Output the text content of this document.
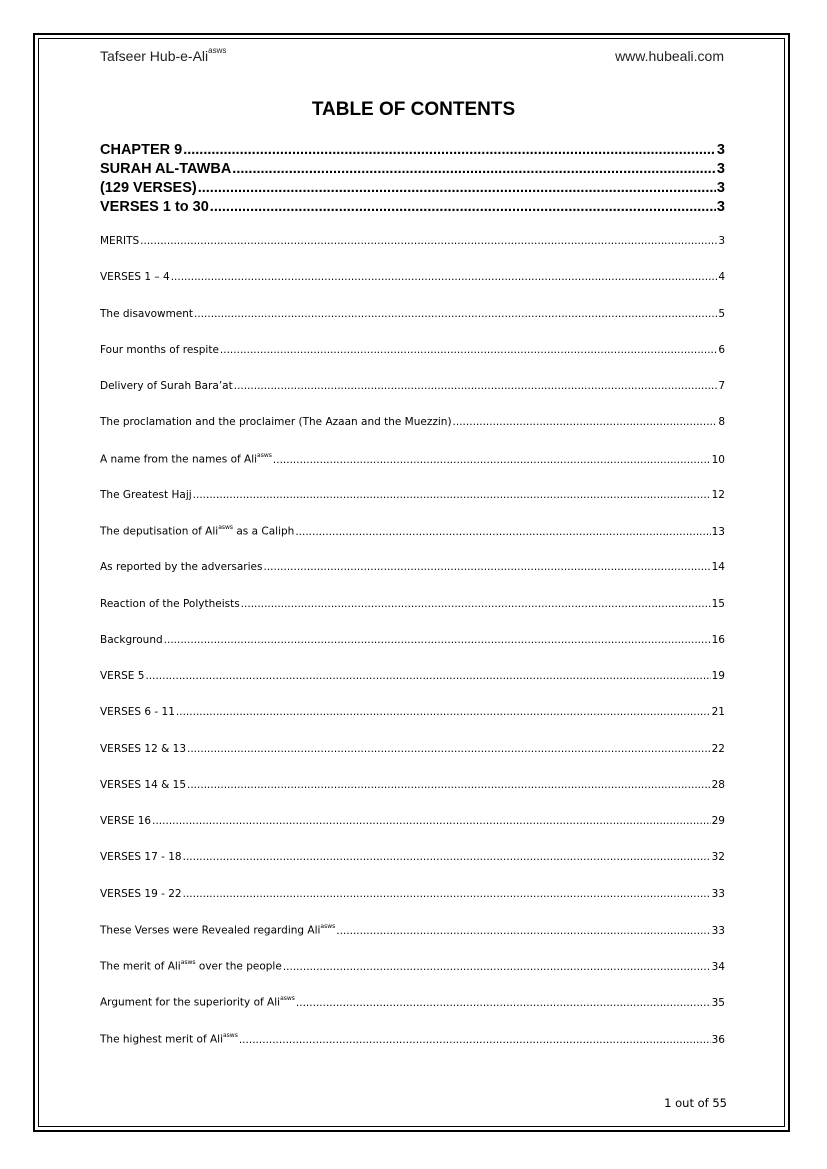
Tafseer Hub-e-Ali$^{asws}$	www.hubeali.com
TABLE OF CONTENTS
CHAPTER 9 .....	3
SURAH AL-TAWBA .....	3
(129 VERSES) .....	3
VERSES 1 to 30 .....	3
MERITS .....	3
VERSES 1 – 4 .....	4
The disavowment .....	5
Four months of respite .....	6
Delivery of Surah Bara’at .....	7
The proclamation and the proclaimer (The Azaan and the Muezzin) .....	8
A name from the names of Ali$^{asws}$ .....	10
The Greatest Hajj .....	12
The deputisation of Ali$^{asws}$ as a Caliph .....	13
As reported by the adversaries .....	14
Reaction of the Polytheists .....	15
Background .....	16
VERSE 5 .....	19
VERSES 6 - 11 .....	21
VERSES 12 & 13 .....	22
VERSES 14 & 15 .....	28
VERSE 16 .....	29
VERSES 17 - 18 .....	32
VERSES 19 - 22 .....	33
These Verses were Revealed regarding Ali$^{asws}$ .....	33
The merit of Ali$^{asws}$ over the people .....	34
Argument for the superiority of Ali$^{asws}$ .....	35
The highest merit of Ali$^{asws}$ .....	36
1 out of 55
